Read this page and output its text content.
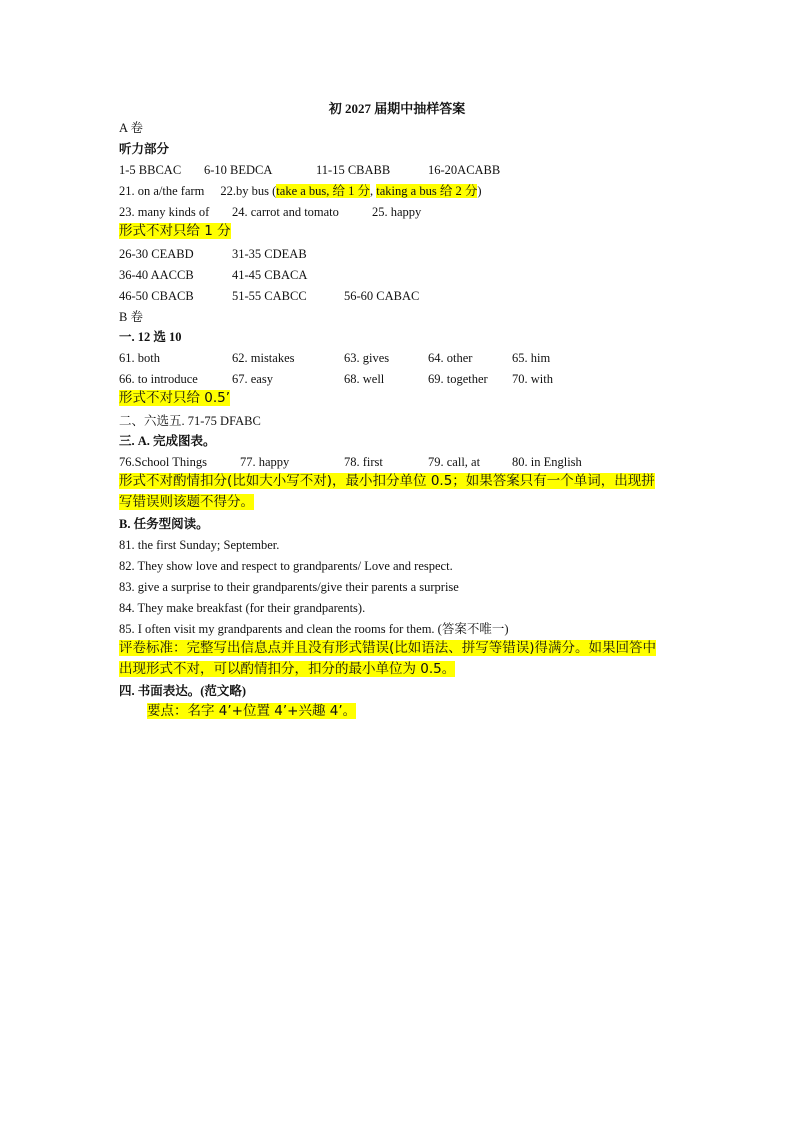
初 2027 届期中抽样答案
A 卷
听力部分
1-5 BBCAC 6-10 BEDCA	11-15 CBABB	16-20ACABB
21. on a/the farm 22.by bus (take a bus, 给 1 分, taking a bus 给 2 分)
23. many kinds of 24. carrot and tomato	25. happy
形式不对只给 1 分
26-30 CEABD	31-35 CDEAB
36-40 AACCB	41-45 CBACA
46-50 CBACB	51-55 CABCC	56-60 CABAC
B 卷
一. 12 选 10
61. both	62. mistakes	63. gives	64. other	65. him
66. to introduce	67. easy	68. well	69. together 70. with
形式不对只给 0.5’
二、六选五. 71-75 DFABC
三. A. 完成图表。
76.School Things	77. happy	78. first	79. call, at	80. in English
形式不对酌情扣分(比如大小写不对)，最小扣分单位 0.5；如果答案只有一个单词，出现拼
写错误则该题不得分。
B. 任务型阅读。
81. the first Sunday; September.
82. They show love and respect to grandparents/ Love and respect.
83. give a surprise to their grandparents/give their parents a surprise
84. They make breakfast (for their grandparents).
85. I often visit my grandparents and clean the rooms for them. (答案不唯一)
评卷标准：完整写出信息点并且没有形式错误(比如语法、拼写等错误)得满分。如果回答中
出现形式不对，可以酌情扣分，扣分的最小单位为 0.5。
四. 书面表达。(范文略)
要点：名字 4’+位置 4’+兴趣 4’。
